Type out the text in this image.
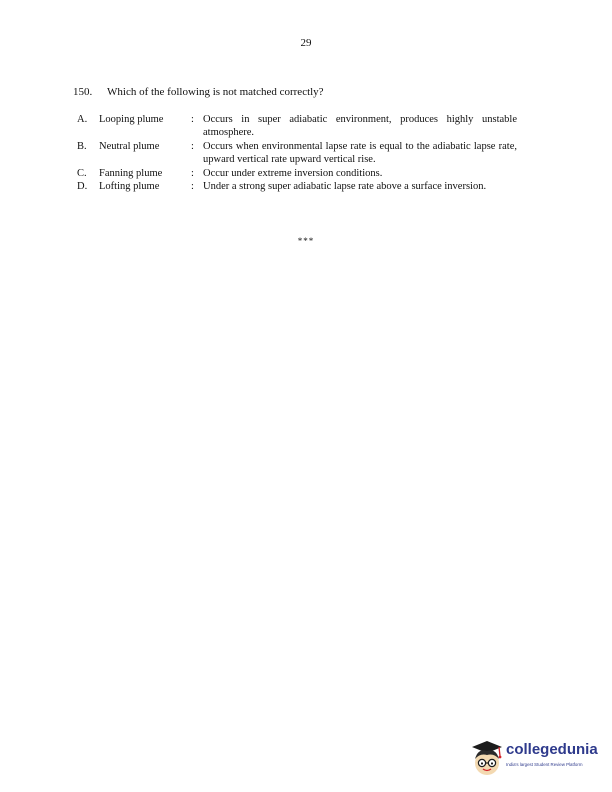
29
150. Which of the following is not matched correctly?
A.	Looping plume	:	Occurs in super adiabatic environment, produces highly unstable atmosphere.
B.	Neutral plume	:	Occurs when environmental lapse rate is equal to the adiabatic lapse rate, upward vertical rate upward vertical rise.
C.	Fanning plume	:	Occur under extreme inversion conditions.
D.	Lofting plume	:	Under a strong super adiabatic lapse rate above a surface inversion.
***
collegedunia
India's largest Student Review Platform
